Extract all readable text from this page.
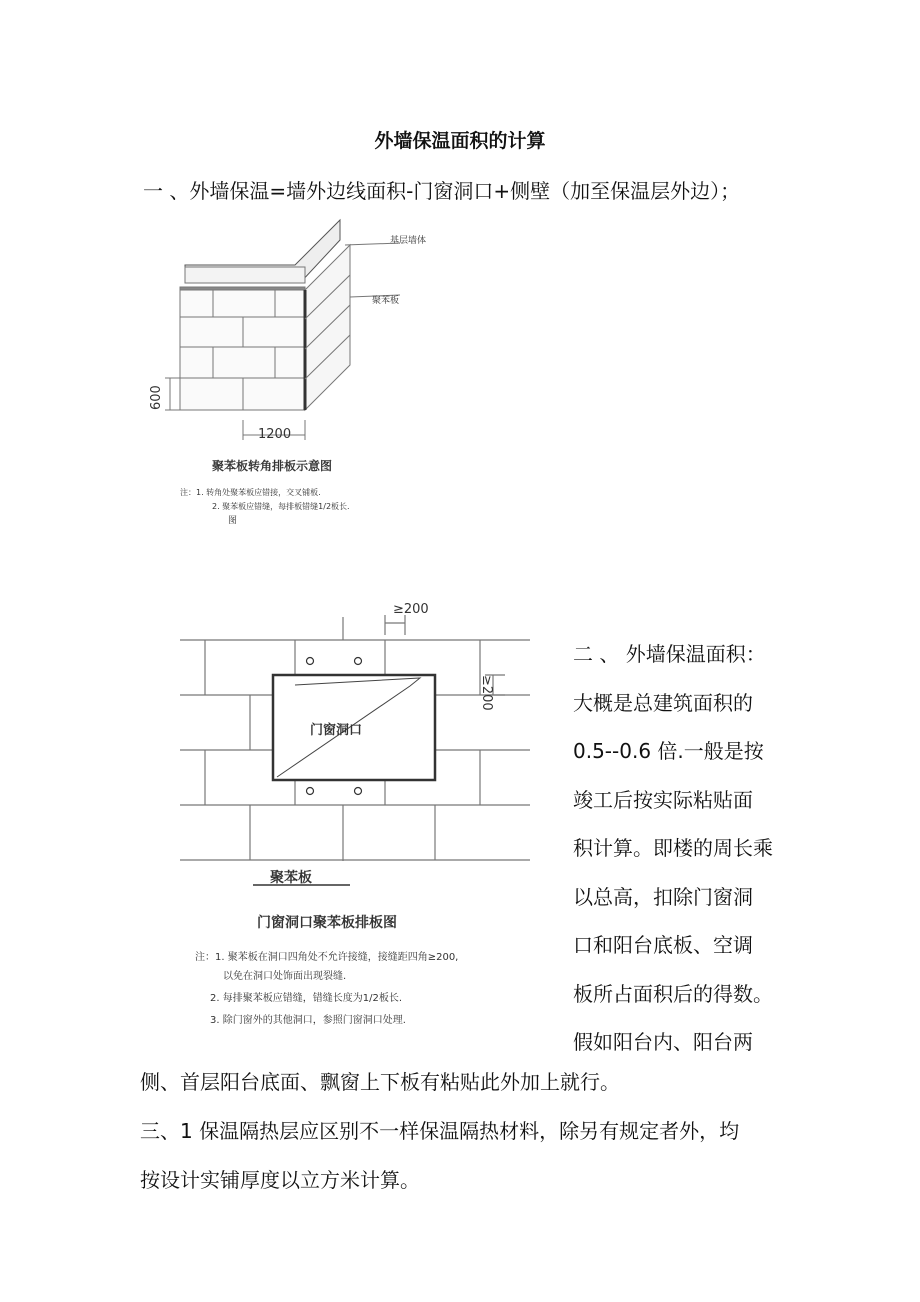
外墙保温面积的计算
一 、外墙保温=墙外边线面积-门窗洞口+侧壁（加至保温层外边）；
基层墙体
聚苯板
600
1200
聚苯板转角排板示意图
注：1. 转角处聚苯板应错接，交叉铺板.
2. 聚苯板应错缝，每排板错缝1/2板长.
图
门窗洞口
≥200
≥200
聚苯板
门窗洞口聚苯板排板图
注：1. 聚苯板在洞口四角处不允许接缝，接缝距四角≥200,
以免在洞口处饰面出现裂缝.
2. 每排聚苯板应错缝，错缝长度为1/2板长.
3. 除门窗外的其他洞口，参照门窗洞口处理.
二 、 外墙保温面积：
大概是总建筑面积的
0.5--0.6 倍.一般是按
竣工后按实际粘贴面
积计算。即楼的周长乘
以总高，扣除门窗洞
口和阳台底板、空调
板所占面积后的得数。
假如阳台内、阳台两
侧、首层阳台底面、飘窗上下板有粘贴此外加上就行。
三、1 保温隔热层应区别不一样保温隔热材料，除另有规定者外，均
按设计实铺厚度以立方米计算。
